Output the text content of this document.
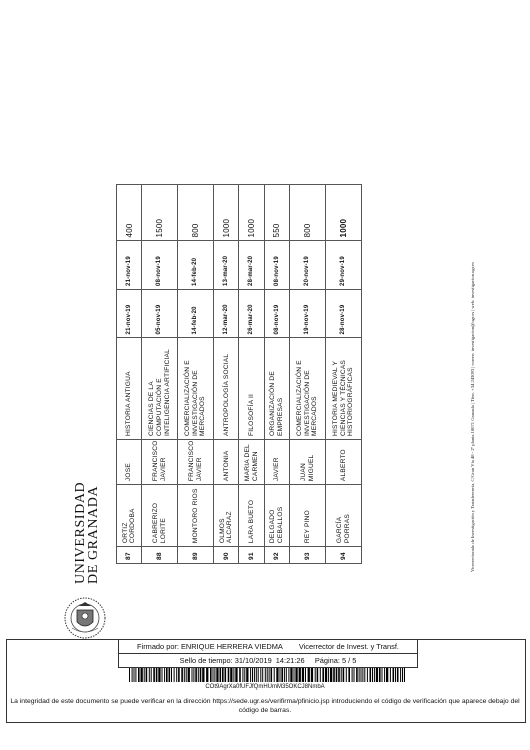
UNIVERSIDAD
DE GRANADA	87	ORTIZ CORDOBA	JOSE	HISTORIA ANTIGUA	21-nov-19	21-nov-19	400
88	CABRERIZO LORITE	FRANCISCO JAVIER	CIENCIAS DE LA COMPUTACIÓN E INTELIGENCIA ARTIFICIAL	05-nov-19	08-nov-19	1500
89	MONTORO RIOS	FRANCISCO JAVIER	COMERCIALIZACIÓN E INVESTIGACIÓN DE MERCADOS	14-feb-20	14-feb-20	800
90	OLMOS ALCARAZ	ANTONIA	ANTROPOLOGÍA SOCIAL	12-mar-20	13-mar-20	1000
91	LARA BUETO	MARIA DEL CARMEN	FILOSOFÍA II	26-mar-20	28-mar-20	1000
92	DELGADO CEBALLOS	JAVIER	ORGANIZACIÓN DE EMPRESAS	08-nov-19	08-nov-19	550
93	REY PINO	JUAN MIGUEL	COMERCIALIZACIÓN E INVESTIGACIÓN DE MERCADOS	19-nov-19	20-nov-19	800
94	GARCÍA PORRAS	ALBERTO	HISTORIA MEDIEVAL Y CIENCIAS Y TÉCNICAS HISTORIOGRÁFICAS	28-nov-19	29-nov-19	1000
Vicerrectorado de Investigación y Transferencia. C/Gran Vía 48 - 2º planta 18071 Granada | Tfno. +34 243093 | correo: investigacion@ugr.es | web: investigacion.ugr.es
Firmado por: ENRIQUE HERRERA VIEDMA        Vicerrector de Invest. y Transf.
Sello de tiempo: 31/10/2019  14:21:26     Página: 5 / 5
COt9AgrXa0fUFJfQmHUmM35OKCJ8NmbA
La integridad de este documento se puede verificar en la dirección https://sede.ugr.es/verifirma/pfinicio.jsp introduciendo el código de verificación que aparece debajo del código de barras.
